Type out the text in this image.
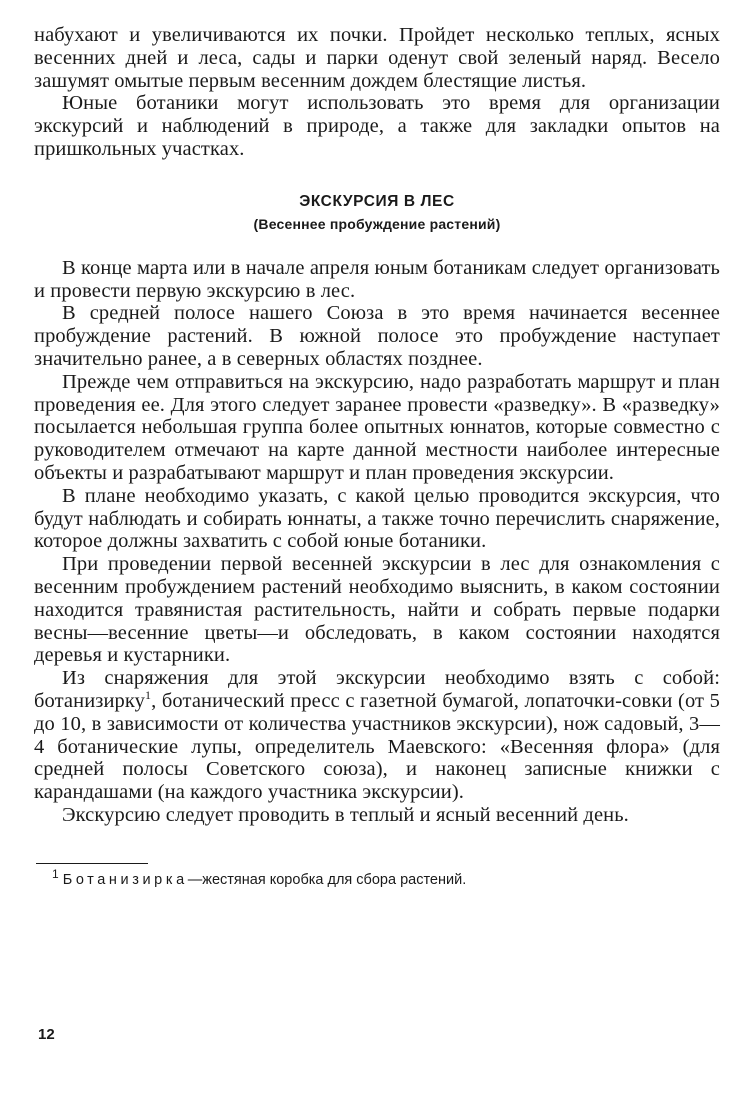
набухают и увеличиваются их почки. Пройдет несколько теплых, ясных весенних дней и леса, сады и парки оденут свой зеленый наряд. Весело зашумят омытые первым весенним дождем блестящие листья.

Юные ботаники могут использовать это время для организации экскурсий и наблюдений в природе, а также для закладки опытов на пришкольных участках.

ЭКСКУРСИЯ В ЛЕС

(Весеннее пробуждение растений)

В конце марта или в начале апреля юным ботаникам следует организовать и провести первую экскурсию в лес.

В средней полосе нашего Союза в это время начинается весеннее пробуждение растений. В южной полосе это пробуждение наступает значительно ранее, а в северных областях позднее.

Прежде чем отправиться на экскурсию, надо разработать маршрут и план проведения ее. Для этого следует заранее провести «разведку». В «разведку» посылается небольшая группа более опытных юннатов, которые совместно с руководителем отмечают на карте данной местности наиболее интересные объекты и разрабатывают маршрут и план проведения экскурсии.

В плане необходимо указать, с какой целью проводится экскурсия, что будут наблюдать и собирать юннаты, а также точно перечислить снаряжение, которое должны захватить с собой юные ботаники.

При проведении первой весенней экскурсии в лес для ознакомления с весенним пробуждением растений необходимо выяснить, в каком состоянии находится травянистая растительность, найти и собрать первые подарки весны—весенние цветы—и обследовать, в каком состоянии находятся деревья и кустарники.

Из снаряжения для этой экскурсии необходимо взять с собой: ботанизирку$^1$, ботанический пресс с газетной бумагой, лопаточки-совки (от 5 до 10, в зависимости от количества участников экскурсии), нож садовый, 3—4 ботанические лупы, определитель Маевского: «Весенняя флора» (для средней полосы Советского союза), и наконец записные книжки с карандашами (на каждого участника экскурсии).

Экскурсию следует проводить в теплый и ясный весенний день.

$^1$ Ботанизирка—жестяная коробка для сбора растений.

12
